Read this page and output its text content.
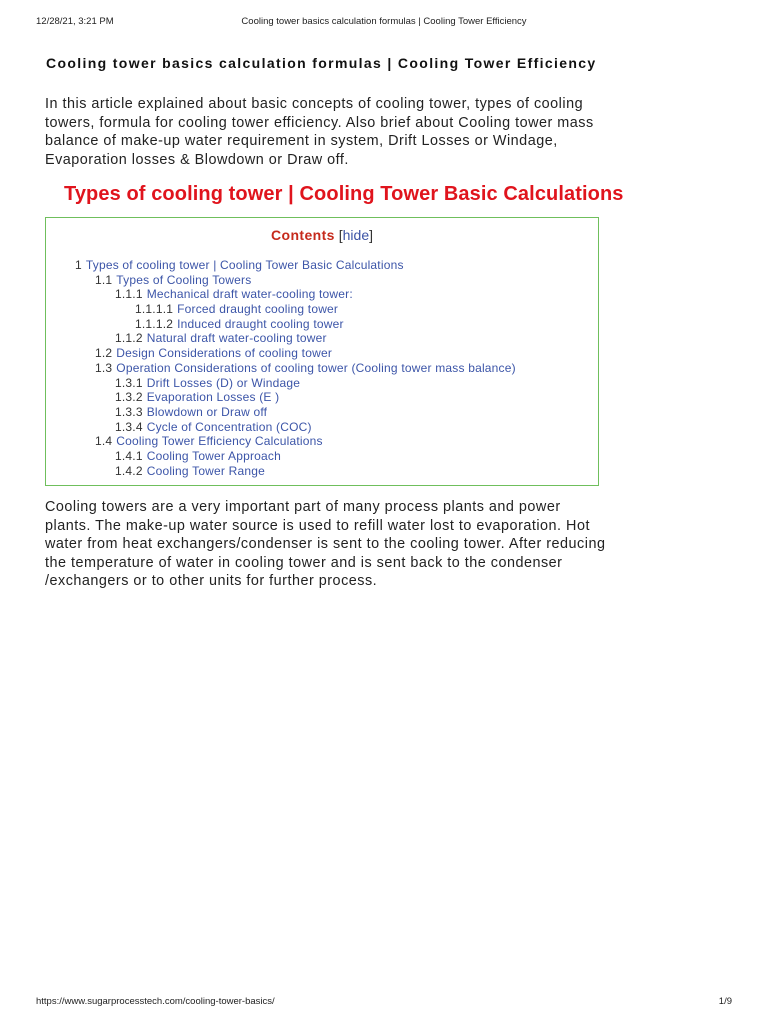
12/28/21, 3:21 PM	Cooling tower basics calculation formulas | Cooling Tower Efficiency
Cooling tower basics calculation formulas | Cooling Tower Efficiency

In this article explained about basic concepts of cooling tower, types of cooling
towers, formula for cooling tower efficiency. Also brief about Cooling tower mass
balance of make-up water requirement in system, Drift Losses or Windage,
Evaporation losses & Blowdown or Draw off.

Types of cooling tower | Cooling Tower Basic Calculations
Contents [hide]
1 Types of cooling tower | Cooling Tower Basic Calculations
1.1 Types of Cooling Towers
1.1.1 Mechanical draft water-cooling tower:
1.1.1.1 Forced draught cooling tower
1.1.1.2 Induced draught cooling tower
1.1.2 Natural draft water-cooling tower
1.2 Design Considerations of cooling tower
1.3 Operation Considerations of cooling tower (Cooling tower mass balance)
1.3.1 Drift Losses (D) or Windage
1.3.2 Evaporation Losses (E )
1.3.3 Blowdown or Draw off
1.3.4 Cycle of Concentration (COC)
1.4 Cooling Tower Efficiency Calculations
1.4.1 Cooling Tower Approach
1.4.2 Cooling Tower Range

Cooling towers are a very important part of many process plants and power
plants. The make-up water source is used to refill water lost to evaporation. Hot
water from heat exchangers/condenser is sent to the cooling tower. After reducing
the temperature of water in cooling tower and is sent back to the condenser
/exchangers or to other units for further process.

https://www.sugarprocesstech.com/cooling-tower-basics/	1/9
